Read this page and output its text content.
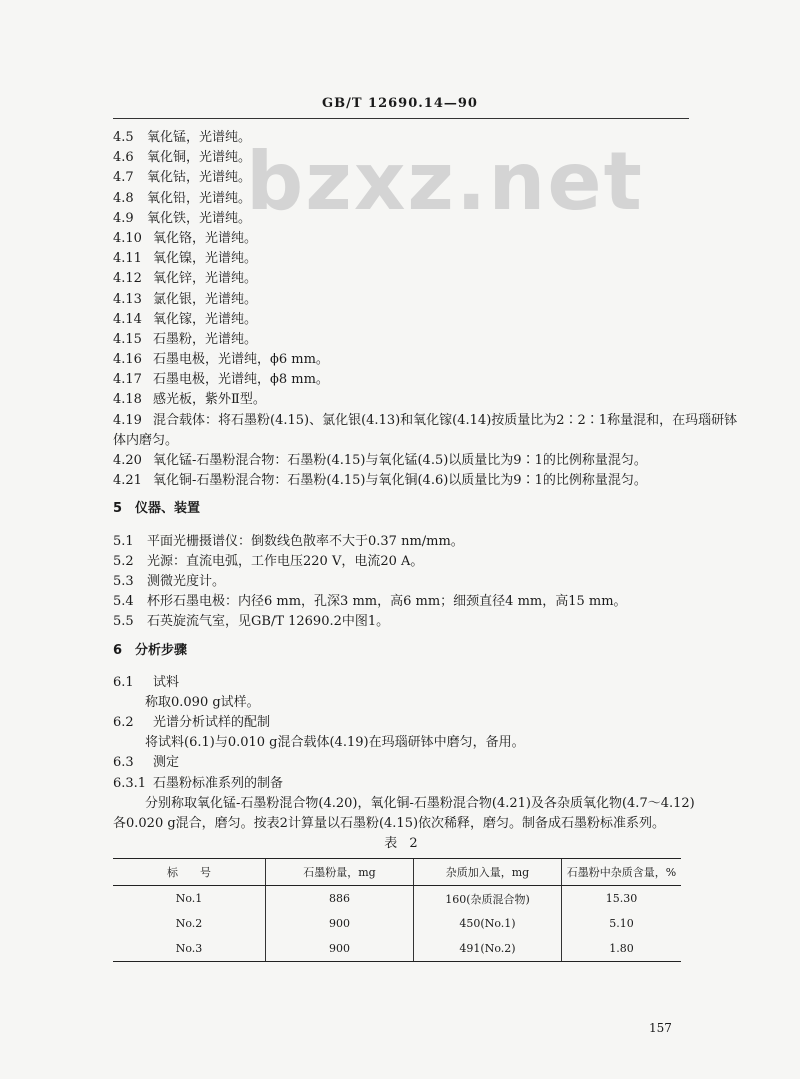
bzxz.net
GB/T 12690.14—90
4.5 氧化锰，光谱纯。
4.6 氧化铜，光谱纯。
4.7 氧化钴，光谱纯。
4.8 氧化铅，光谱纯。
4.9 氧化铁，光谱纯。
4.10 氧化铬，光谱纯。
4.11 氧化镍，光谱纯。
4.12 氧化锌，光谱纯。
4.13 氯化银，光谱纯。
4.14 氧化镓，光谱纯。
4.15 石墨粉，光谱纯。
4.16 石墨电极，光谱纯，ϕ6 mm。
4.17 石墨电极，光谱纯，ϕ8 mm。
4.18 感光板，紫外Ⅱ型。
4.19 混合载体：将石墨粉(4.15)、氯化银(4.13)和氧化镓(4.14)按质量比为2∶2∶1称量混和，在玛瑙研钵
体内磨匀。
4.20 氧化锰-石墨粉混合物：石墨粉(4.15)与氧化锰(4.5)以质量比为9∶1的比例称量混匀。
4.21 氧化铜-石墨粉混合物：石墨粉(4.15)与氧化铜(4.6)以质量比为9∶1的比例称量混匀。
5　仪器、装置
5.1 平面光栅摄谱仪：倒数线色散率不大于0.37 nm/mm。
5.2 光源：直流电弧，工作电压220 V，电流20 A。
5.3 测微光度计。
5.4 杯形石墨电极：内径6 mm，孔深3 mm，高6 mm；细颈直径4 mm，高15 mm。
5.5 石英旋流气室，见GB/T 12690.2中图1。
6　分析步骤
6.1 试料
称取0.090 g试样。
6.2 光谱分析试样的配制
将试料(6.1)与0.010 g混合载体(4.19)在玛瑙研钵中磨匀，备用。
6.3 测定
6.3.1 石墨粉标准系列的制备
分别称取氧化锰-石墨粉混合物(4.20)，氧化铜-石墨粉混合物(4.21)及各杂质氧化物(4.7～4.12)
各0.020 g混合，磨匀。按表2计算量以石墨粉(4.15)依次稀释，磨匀。制备成石墨粉标准系列。
表 2
标　　号	石墨粉量，mg	杂质加入量，mg	石墨粉中杂质含量，%
No.1	886	160(杂质混合物)	15.30
No.2	900	450(No.1)	5.10
No.3	900	491(No.2)	1.80
157
